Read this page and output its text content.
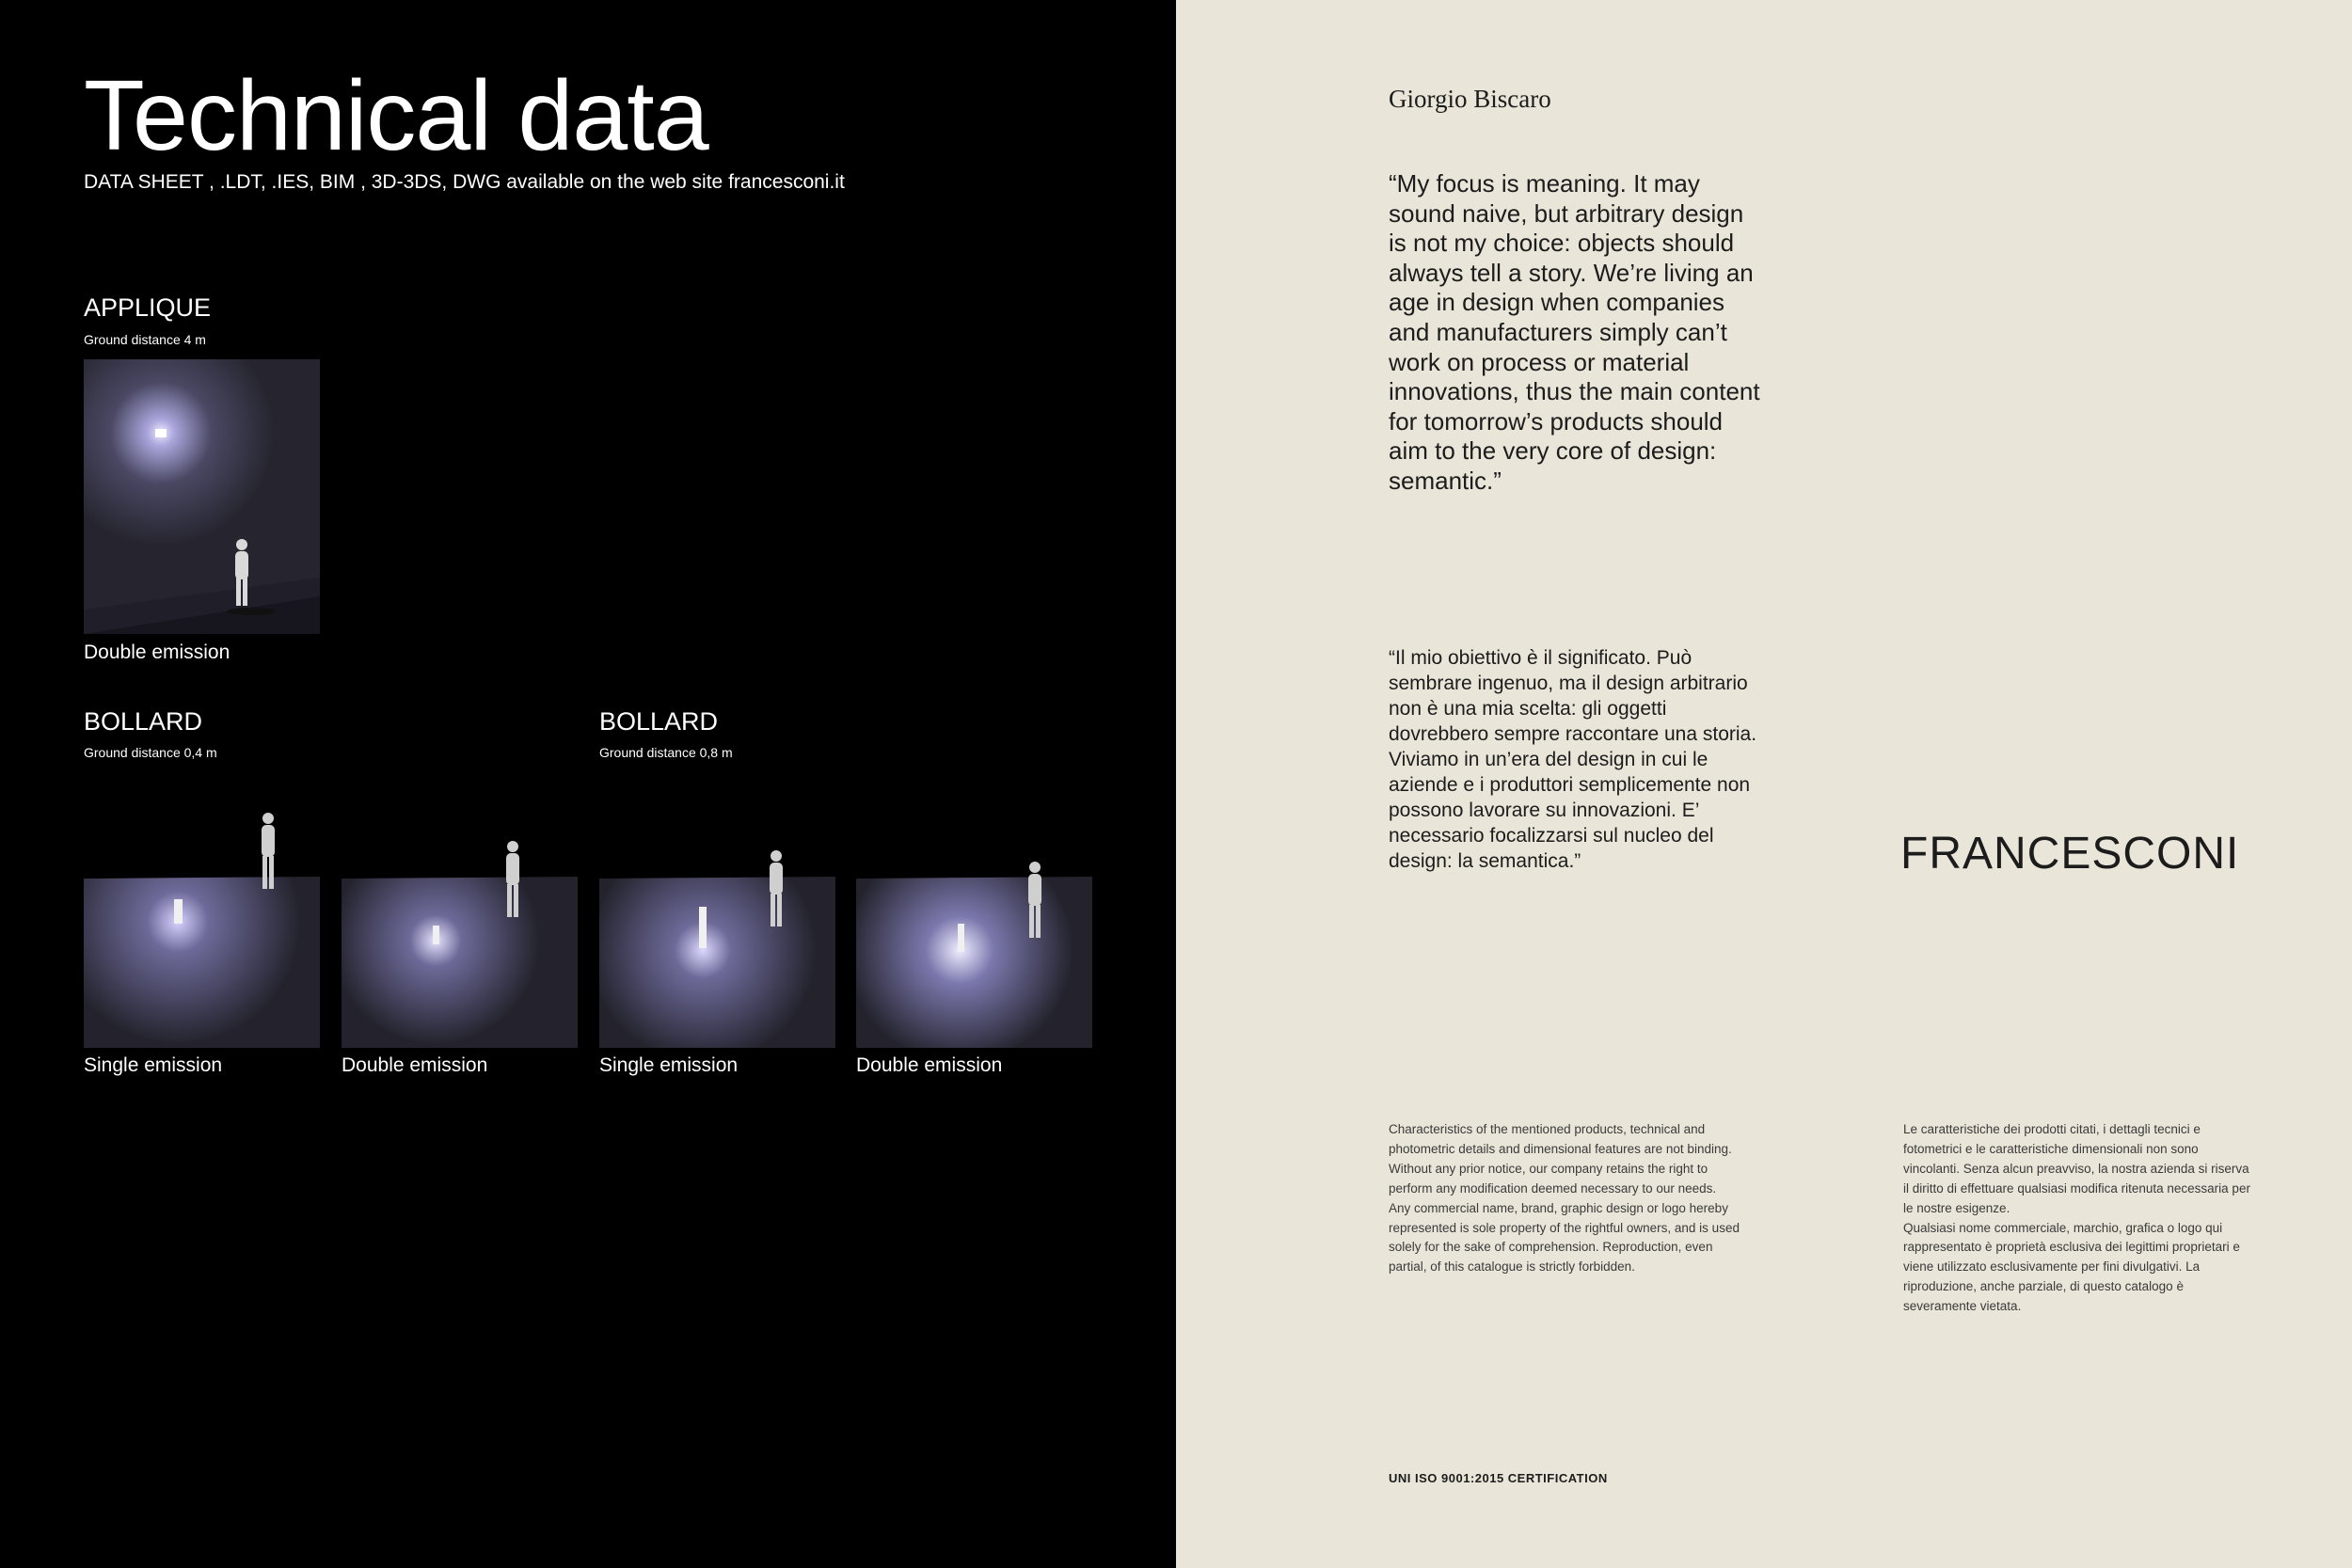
Technical data
DATA SHEET , .LDT, .IES, BIM , 3D-3DS, DWG available on the web site francesconi.it
APPLIQUE
Ground distance 4 m
Double emission
BOLLARD
Ground distance 0,4 m
BOLLARD
Ground distance 0,8 m
Single emission	Double emission	Single emission	Double emission
Giorgio Biscaro
“My focus is meaning. It may sound naive, but arbitrary design is not my choice: objects should always tell a story. We’re living an age in design when companies and manufacturers simply can’t work on process or material innovations, thus the main content for tomorrow’s products should aim to the very core of design: semantic.”
“Il mio obiettivo è il significato. Può sembrare ingenuo, ma il design arbitrario non è una mia scelta: gli oggetti dovrebbero sempre raccontare una storia. Viviamo in un’era del design in cui le aziende e i produttori semplicemente non possono lavorare su innovazioni. E’ necessario focalizzarsi sul nucleo del design: la semantica.”	FRANCESCONI

Characteristics of the mentioned products, technical and photometric details and dimensional features are not binding. Without any prior notice, our company retains the right to perform any modification deemed necessary to our needs.

Any commercial name, brand, graphic design or logo hereby represented is sole property of the rightful owners, and is used solely for the sake of comprehension. Reproduction, even partial, of this catalogue is strictly forbidden.

Le caratteristiche dei prodotti citati, i dettagli tecnici e fotometrici e le caratteristiche dimensionali non sono vincolanti. Senza alcun preavviso, la nostra azienda si riserva il diritto di effettuare qualsiasi modifica ritenuta necessaria per le nostre esigenze.

Qualsiasi nome commerciale, marchio, grafica o logo qui rappresentato è proprietà esclusiva dei legittimi proprietari e viene utilizzato esclusivamente per fini divulgativi. La riproduzione, anche parziale, di questo catalogo è severamente vietata.

UNI ISO 9001:2015 CERTIFICATION
